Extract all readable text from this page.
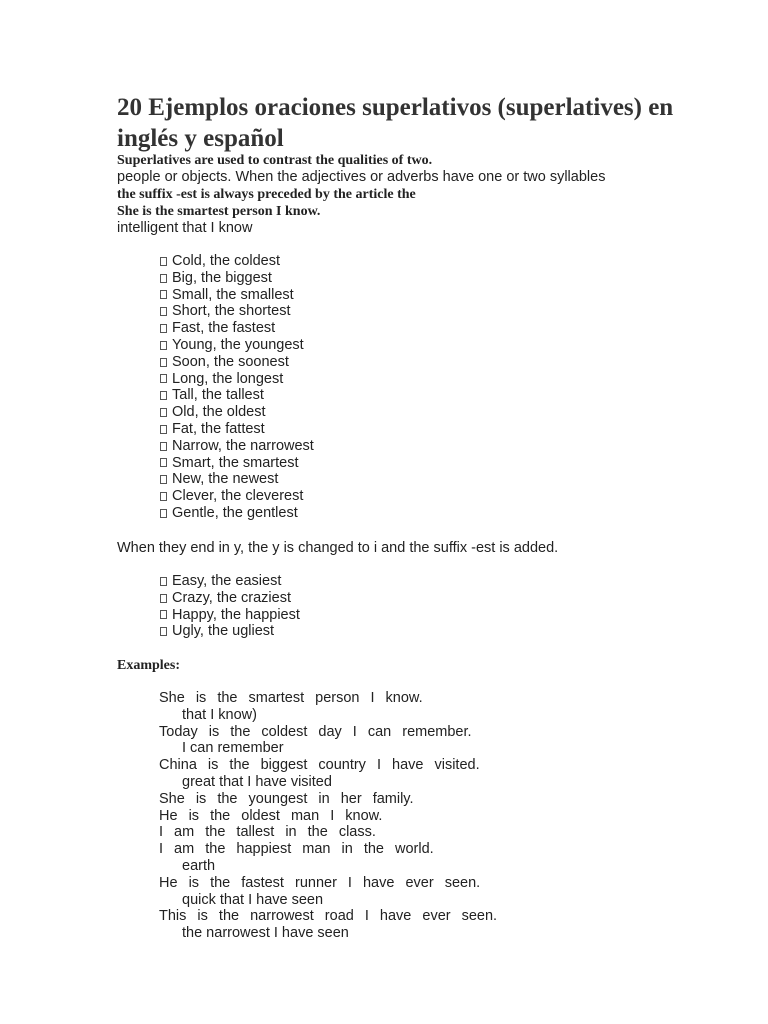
20 Ejemplos oraciones superlativos (superlatives) en inglés y español
Superlatives are used to contrast the qualities of two.
people or objects. When the adjectives or adverbs have one or two syllables
the suffix -est is always preceded by the article the
She is the smartest person I know.
intelligent that I know
Cold, the coldest
Big, the biggest
Small, the smallest
Short, the shortest
Fast, the fastest
Young, the youngest
Soon, the soonest
Long, the longest
Tall, the tallest
Old, the oldest
Fat, the fattest
Narrow, the narrowest
Smart, the smartest
New, the newest
Clever, the cleverest
Gentle, the gentlest
When they end in y, the y is changed to i and the suffix -est is added.
Easy, the easiest
Crazy, the craziest
Happy, the happiest
Ugly, the ugliest
Examples:
She is the smartest person I know.
that I know)
Today is the coldest day I can remember.
I can remember
China is the biggest country I have visited.
great that I have visited
She is the youngest in her family.
He is the oldest man I know.
I am the tallest in the class.
I am the happiest man in the world.
earth
He is the fastest runner I have ever seen.
quick that I have seen
This is the narrowest road I have ever seen.
the narrowest I have seen
